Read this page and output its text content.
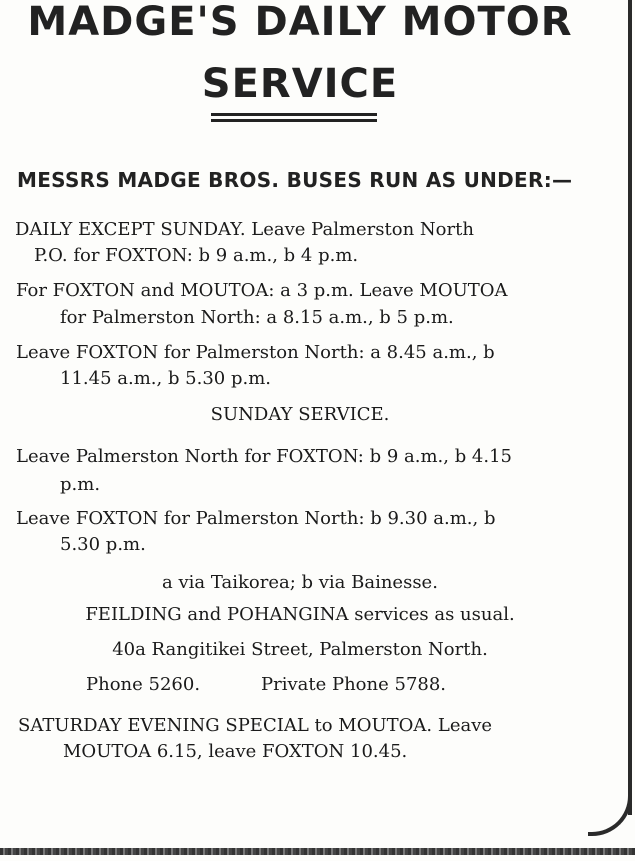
MADGE'S DAILY MOTOR
SERVICE
MESSRS MADGE BROS. BUSES RUN AS UNDER:—
DAILY EXCEPT SUNDAY. Leave Palmerston North
P.O. for FOXTON: b 9 a.m., b 4 p.m.
For FOXTON and MOUTOA: a 3 p.m. Leave MOUTOA
for Palmerston North: a 8.15 a.m., b 5 p.m.
Leave FOXTON for Palmerston North: a 8.45 a.m., b
11.45 a.m., b 5.30 p.m.
SUNDAY SERVICE.
Leave Palmerston North for FOXTON: b 9 a.m., b 4.15
p.m.
Leave FOXTON for Palmerston North: b 9.30 a.m., b
5.30 p.m.
a via Taikorea; b via Bainesse.
FEILDING and POHANGINA services as usual.
40a Rangitikei Street, Palmerston North.
Phone 5260.	Private Phone 5788.
SATURDAY EVENING SPECIAL to MOUTOA. Leave
MOUTOA 6.15, leave FOXTON 10.45.
